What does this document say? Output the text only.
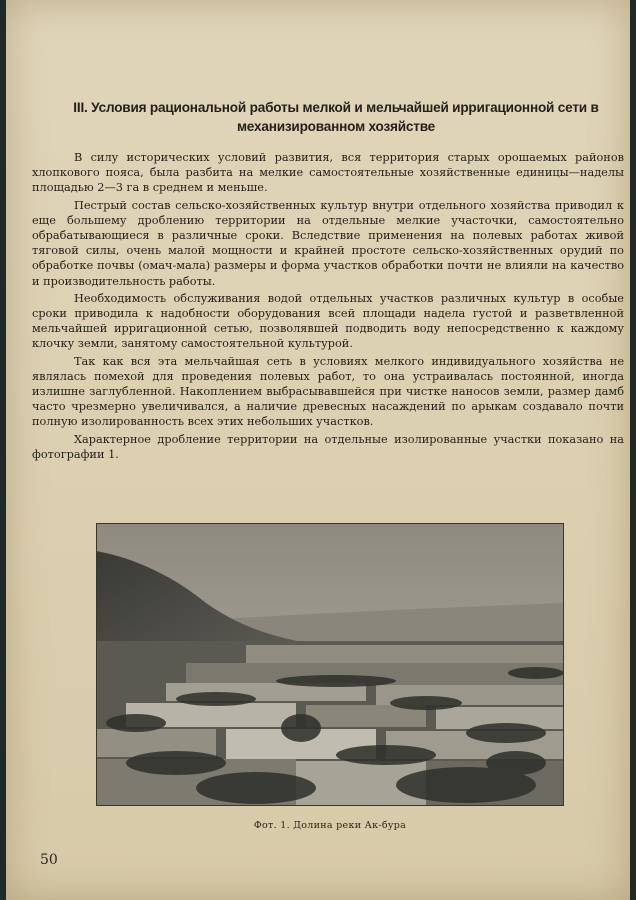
III. Условия рациональной работы мелкой и мельчайшей ирригационной сети в механизированном хозяйстве

В силу исторических условий развития, вся территория старых орошаемых районов хлопкового пояса, была разбита на мелкие самостоятельные хозяйственные единицы—наделы площадью 2—3 га в среднем и меньше.

Пестрый состав сельско-хозяйственных культур внутри отдельного хозяйства приводил к еще большему дроблению территории на отдельные мелкие участочки, самостоятельно обрабатывающиеся в различные сроки. Вследствие применения на полевых работах живой тяговой силы, очень малой мощности и крайней простоте сельско-хозяйственных орудий по обработке почвы (омач-мала) размеры и форма участков обработки почти не влияли на качество и производительность работы.

Необходимость обслуживания водой отдельных участков различных культур в особые сроки приводила к надобности оборудования всей площади надела густой и разветвленной мельчайшей ирригационной сетью, позволявшей подводить воду непосредственно к каждому клочку земли, занятому самостоятельной культурой.

Так как вся эта мельчайшая сеть в условиях мелкого индивидуального хозяйства не являлась помехой для проведения полевых работ, то она устраивалась постоянной, иногда излишне заглубленной. Накоплением выбрасывавшейся при чистке наносов земли, размер дамб часто чрезмерно увеличивался, а наличие древесных насаждений по арыкам создавало почти полную изолированность всех этих небольших участков.

Характерное дробление территории на отдельные изолированные участки показано на фотографии 1.

Фот. 1. Долина реки Ак-бура
50
